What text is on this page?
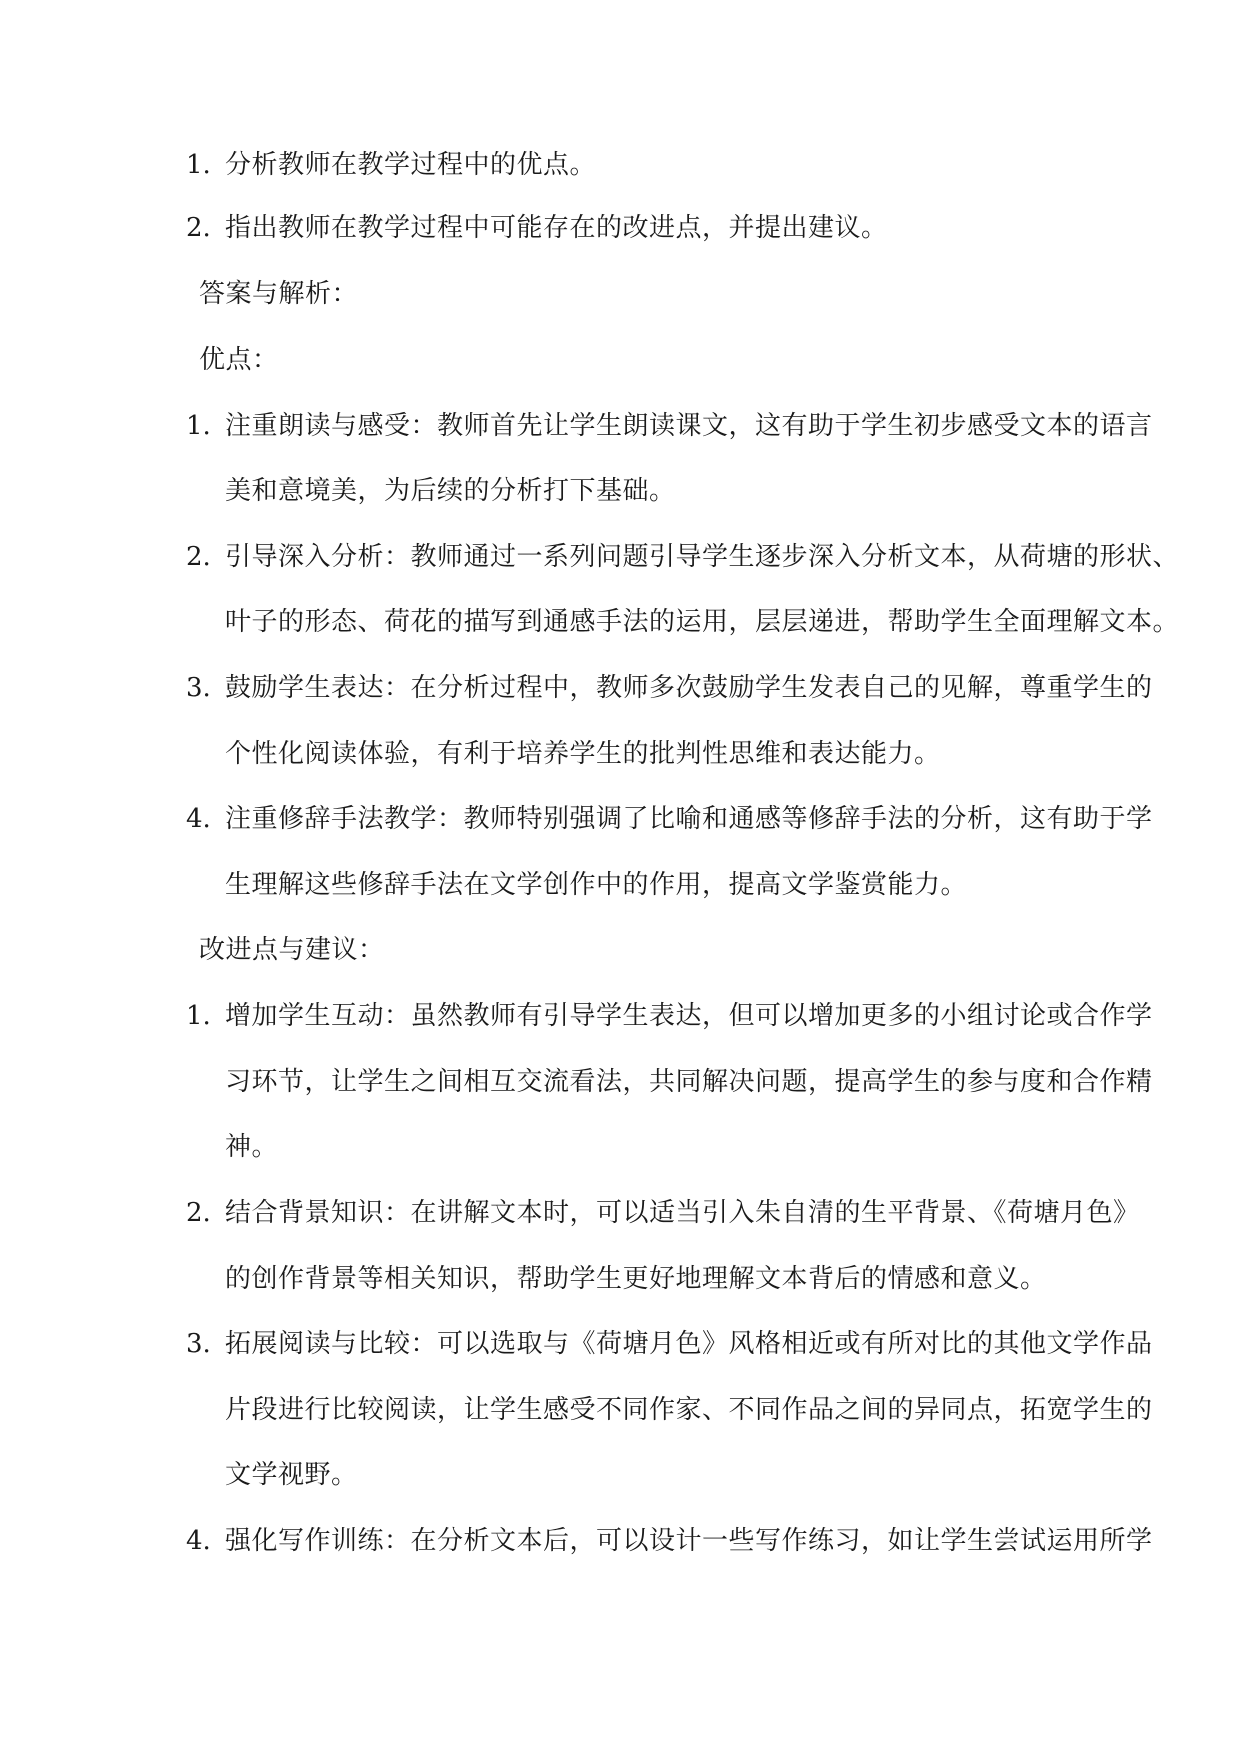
1. 分析教师在教学过程中的优点。
2. 指出教师在教学过程中可能存在的改进点，并提出建议。
答案与解析：
优点：
1. 注重朗读与感受：教师首先让学生朗读课文，这有助于学生初步感受文本的语言
美和意境美，为后续的分析打下基础。
2. 引导深入分析：教师通过一系列问题引导学生逐步深入分析文本，从荷塘的形状、
叶子的形态、荷花的描写到通感手法的运用，层层递进，帮助学生全面理解文本。
3. 鼓励学生表达：在分析过程中，教师多次鼓励学生发表自己的见解，尊重学生的
个性化阅读体验，有利于培养学生的批判性思维和表达能力。
4. 注重修辞手法教学：教师特别强调了比喻和通感等修辞手法的分析，这有助于学
生理解这些修辞手法在文学创作中的作用，提高文学鉴赏能力。
改进点与建议：
1. 增加学生互动：虽然教师有引导学生表达，但可以增加更多的小组讨论或合作学
习环节，让学生之间相互交流看法，共同解决问题，提高学生的参与度和合作精
神。
2. 结合背景知识：在讲解文本时，可以适当引入朱自清的生平背景、《荷塘月色》
的创作背景等相关知识，帮助学生更好地理解文本背后的情感和意义。
3. 拓展阅读与比较：可以选取与《荷塘月色》风格相近或有所对比的其他文学作品
片段进行比较阅读，让学生感受不同作家、不同作品之间的异同点，拓宽学生的
文学视野。
4. 强化写作训练：在分析文本后，可以设计一些写作练习，如让学生尝试运用所学
